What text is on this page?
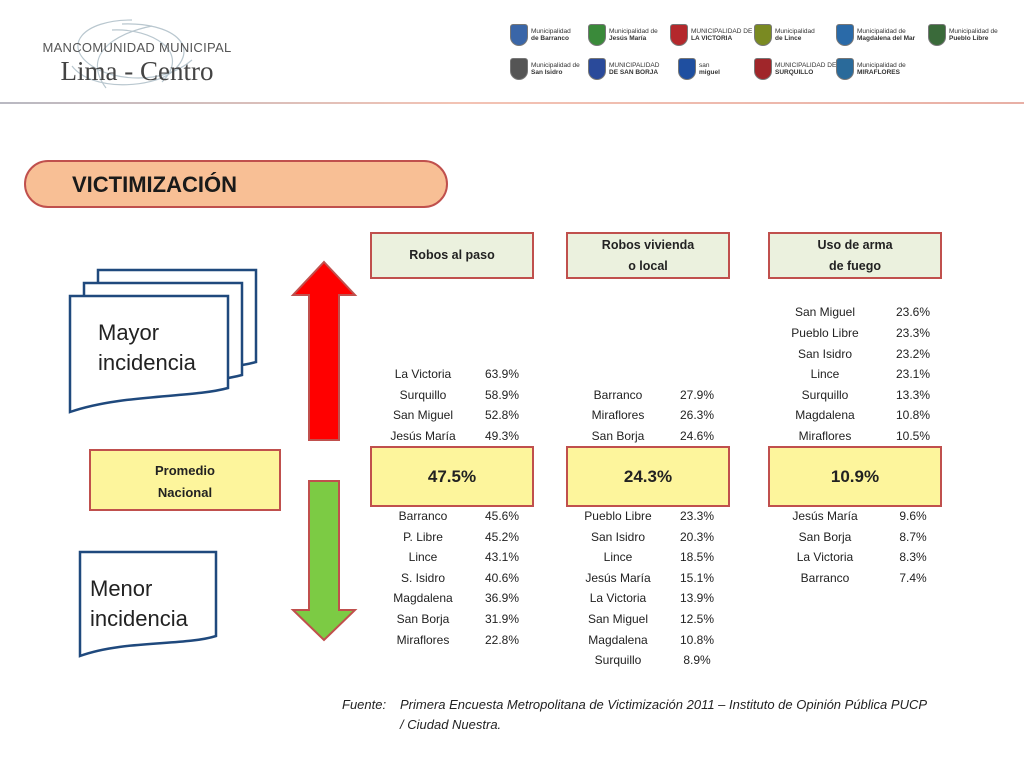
MANCOMUNIDAD MUNICIPAL
Lima - Centro
Municipalidad
de Barranco
Municipalidad de
Jesús María
MUNICIPALIDAD DE
LA VICTORIA
Municipalidad
de Lince
Municipalidad de
Magdalena del Mar
Municipalidad de
Pueblo Libre
Municipalidad de
San Isidro
MUNICIPALIDAD
DE SAN BORJA
san
miguel
MUNICIPALIDAD DE
SURQUILLO
Municipalidad de
MIRAFLORES
VICTIMIZACIÓN
Mayor
incidencia
Menor
incidencia
Promedio
Nacional
Robos al paso
Robos vivienda
o local
Uso de arma
de fuego
47.5%	24.3%	10.9%
La Victoria	63.9%
Surquillo	58.9%
San Miguel	52.8%
Jesús María	49.3%
Barranco	45.6%
P. Libre	45.2%
Lince	43.1%
S. Isidro	40.6%
Magdalena	36.9%
San Borja	31.9%
Miraflores	22.8%
Barranco	27.9%
Miraflores	26.3%
San Borja	24.6%
Pueblo Libre	23.3%
San Isidro	20.3%
Lince	18.5%
Jesús María	15.1%
La Victoria	13.9%
San Miguel	12.5%
Magdalena	10.8%
Surquillo	8.9%
San Miguel	23.6%
Pueblo Libre	23.3%
San Isidro	23.2%
Lince	23.1%
Surquillo	13.3%
Magdalena	10.8%
Miraflores	10.5%
Jesús María	9.6%
San Borja	8.7%
La Victoria	8.3%
Barranco	7.4%
Fuente: Primera Encuesta Metropolitana de Victimización 2011 – Instituto de Opinión Pública PUCP
/ Ciudad Nuestra.
